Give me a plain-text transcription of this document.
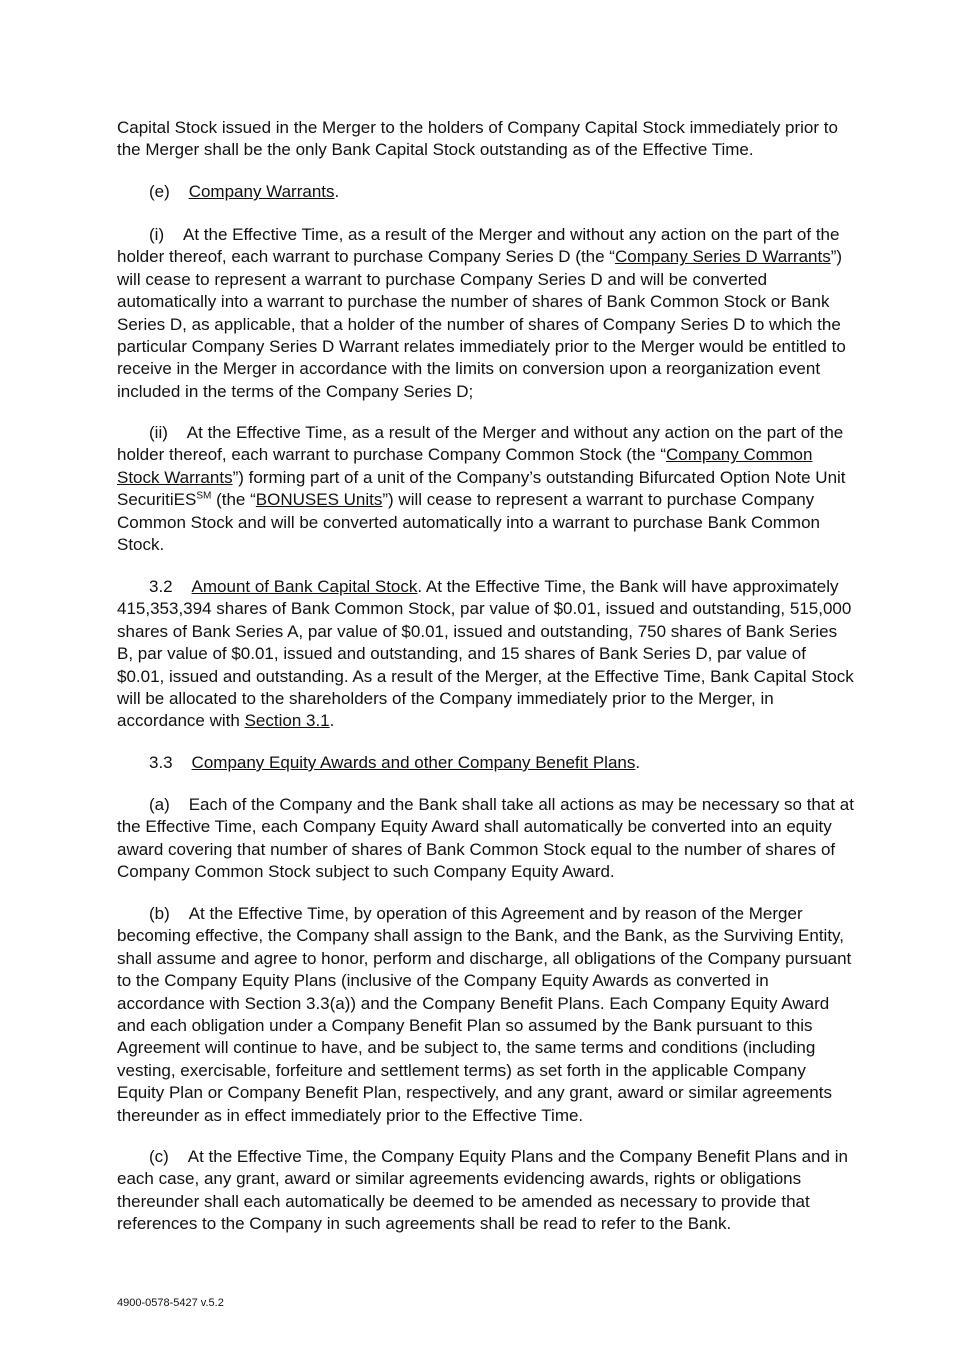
Capital Stock issued in the Merger to the holders of Company Capital Stock immediately prior to the Merger shall be the only Bank Capital Stock outstanding as of the Effective Time.

(e) Company Warrants.

(i) At the Effective Time, as a result of the Merger and without any action on the part of the holder thereof, each warrant to purchase Company Series D (the “Company Series D Warrants”) will cease to represent a warrant to purchase Company Series D and will be converted automatically into a warrant to purchase the number of shares of Bank Common Stock or Bank Series D, as applicable, that a holder of the number of shares of Company Series D to which the particular Company Series D Warrant relates immediately prior to the Merger would be entitled to receive in the Merger in accordance with the limits on conversion upon a reorganization event included in the terms of the Company Series D;

(ii) At the Effective Time, as a result of the Merger and without any action on the part of the holder thereof, each warrant to purchase Company Common Stock (the “Company Common Stock Warrants”) forming part of a unit of the Company’s outstanding Bifurcated Option Note Unit SecuritiES℠ (the “BONUSES Units”) will cease to represent a warrant to purchase Company Common Stock and will be converted automatically into a warrant to purchase Bank Common Stock.

3.2 Amount of Bank Capital Stock. At the Effective Time, the Bank will have approximately 415,353,394 shares of Bank Common Stock, par value of $0.01, issued and outstanding, 515,000 shares of Bank Series A, par value of $0.01, issued and outstanding, 750 shares of Bank Series B, par value of $0.01, issued and outstanding, and 15 shares of Bank Series D, par value of $0.01, issued and outstanding. As a result of the Merger, at the Effective Time, Bank Capital Stock will be allocated to the shareholders of the Company immediately prior to the Merger, in accordance with Section 3.1.

3.3 Company Equity Awards and other Company Benefit Plans.

(a) Each of the Company and the Bank shall take all actions as may be necessary so that at the Effective Time, each Company Equity Award shall automatically be converted into an equity award covering that number of shares of Bank Common Stock equal to the number of shares of Company Common Stock subject to such Company Equity Award.

(b) At the Effective Time, by operation of this Agreement and by reason of the Merger becoming effective, the Company shall assign to the Bank, and the Bank, as the Surviving Entity, shall assume and agree to honor, perform and discharge, all obligations of the Company pursuant to the Company Equity Plans (inclusive of the Company Equity Awards as converted in accordance with Section 3.3(a)) and the Company Benefit Plans. Each Company Equity Award and each obligation under a Company Benefit Plan so assumed by the Bank pursuant to this Agreement will continue to have, and be subject to, the same terms and conditions (including vesting, exercisable, forfeiture and settlement terms) as set forth in the applicable Company Equity Plan or Company Benefit Plan, respectively, and any grant, award or similar agreements thereunder as in effect immediately prior to the Effective Time.

(c) At the Effective Time, the Company Equity Plans and the Company Benefit Plans and in each case, any grant, award or similar agreements evidencing awards, rights or obligations thereunder shall each automatically be deemed to be amended as necessary to provide that references to the Company in such agreements shall be read to refer to the Bank.

4900-0578-5427 v.5.2
